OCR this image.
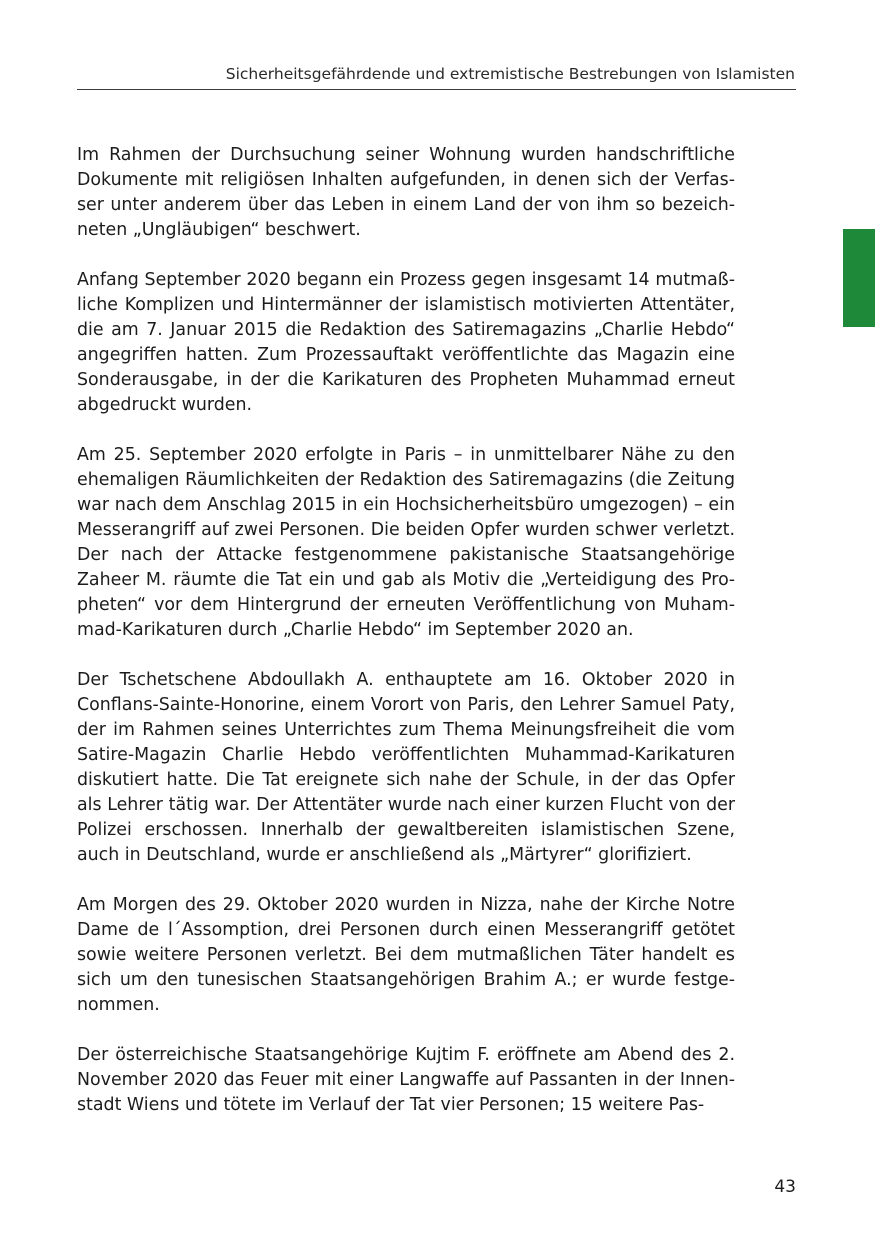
Sicherheitsgefährdende und extremistische Bestrebungen von Islamisten

Im Rahmen der Durchsuchung seiner Wohnung wurden handschriftliche Dokumente mit religiösen Inhalten aufgefunden, in denen sich der Verfasser unter anderem über das Leben in einem Land der von ihm so bezeichneten „Ungläubigen“ beschwert.

Anfang September 2020 begann ein Prozess gegen insgesamt 14 mutmaßliche Komplizen und Hintermänner der islamistisch motivierten Attentäter, die am 7. Januar 2015 die Redaktion des Satiremagazins „Charlie Hebdo“ angegriffen hatten. Zum Prozessauftakt veröffentlichte das Magazin eine Sonderausgabe, in der die Karikaturen des Propheten Muhammad erneut abgedruckt wurden.

Am 25. September 2020 erfolgte in Paris – in unmittelbarer Nähe zu den ehemaligen Räumlichkeiten der Redaktion des Satiremagazins (die Zeitung war nach dem Anschlag 2015 in ein Hochsicherheitsbüro umgezogen) – ein Messerangriff auf zwei Personen. Die beiden Opfer wurden schwer verletzt. Der nach der Attacke festgenommene pakistanische Staatsangehörige Zaheer M. räumte die Tat ein und gab als Motiv die „Verteidigung des Propheten“ vor dem Hintergrund der erneuten Veröffentlichung von Muhammad-Karikaturen durch „Charlie Hebdo“ im September 2020 an.

Der Tschetschene Abdoullakh A. enthauptete am 16. Oktober 2020 in Conflans-Sainte-Honorine, einem Vorort von Paris, den Lehrer Samuel Paty, der im Rahmen seines Unterrichtes zum Thema Meinungsfreiheit die vom Satire-Magazin Charlie Hebdo veröffentlichten Muhammad-Karikaturen diskutiert hatte. Die Tat ereignete sich nahe der Schule, in der das Opfer als Lehrer tätig war. Der Attentäter wurde nach einer kurzen Flucht von der Polizei erschossen. Innerhalb der gewaltbereiten islamistischen Szene, auch in Deutschland, wurde er anschließend als „Märtyrer“ glorifiziert.

Am Morgen des 29. Oktober 2020 wurden in Nizza, nahe der Kirche Notre Dame de l´Assomption, drei Personen durch einen Messerangriff getötet sowie weitere Personen verletzt. Bei dem mutmaßlichen Täter handelt es sich um den tunesischen Staatsangehörigen Brahim A.; er wurde festgenommen.

Der österreichische Staatsangehörige Kujtim F. eröffnete am Abend des 2. November 2020 das Feuer mit einer Langwaffe auf Passanten in der Innenstadt Wiens und tötete im Verlauf der Tat vier Personen; 15 weitere Pas-

43
